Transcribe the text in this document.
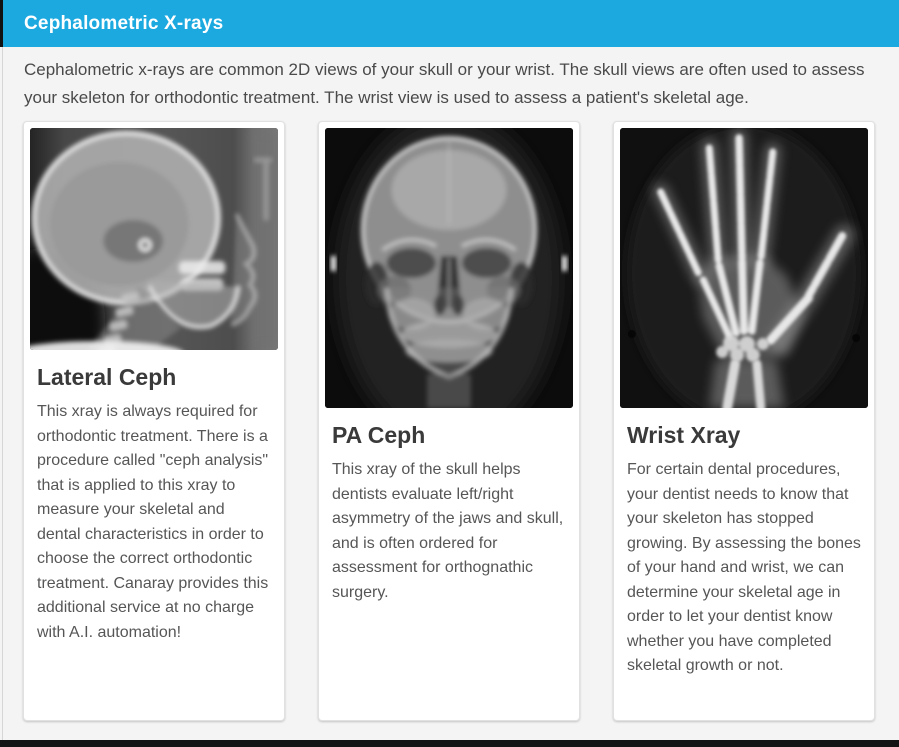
Cephalometric X-rays

Cephalometric x-rays are common 2D views of your skull or your wrist. The skull views are often used to assess your skeleton for orthodontic treatment. The wrist view is used to assess a patient's skeletal age.

Lateral Ceph

This xray is always required for orthodontic treatment. There is a procedure called "ceph analysis" that is applied to this xray to measure your skeletal and dental characteristics in order to choose the correct orthodontic treatment. Canaray provides this additional service at no charge with A.I. automation!

PA Ceph

This xray of the skull helps dentists evaluate left/right asymmetry of the jaws and skull, and is often ordered for assessment for orthognathic surgery.

Wrist Xray

For certain dental procedures, your dentist needs to know that your skeleton has stopped growing. By assessing the bones of your hand and wrist, we can determine your skeletal age in order to let your dentist know whether you have completed skeletal growth or not.
